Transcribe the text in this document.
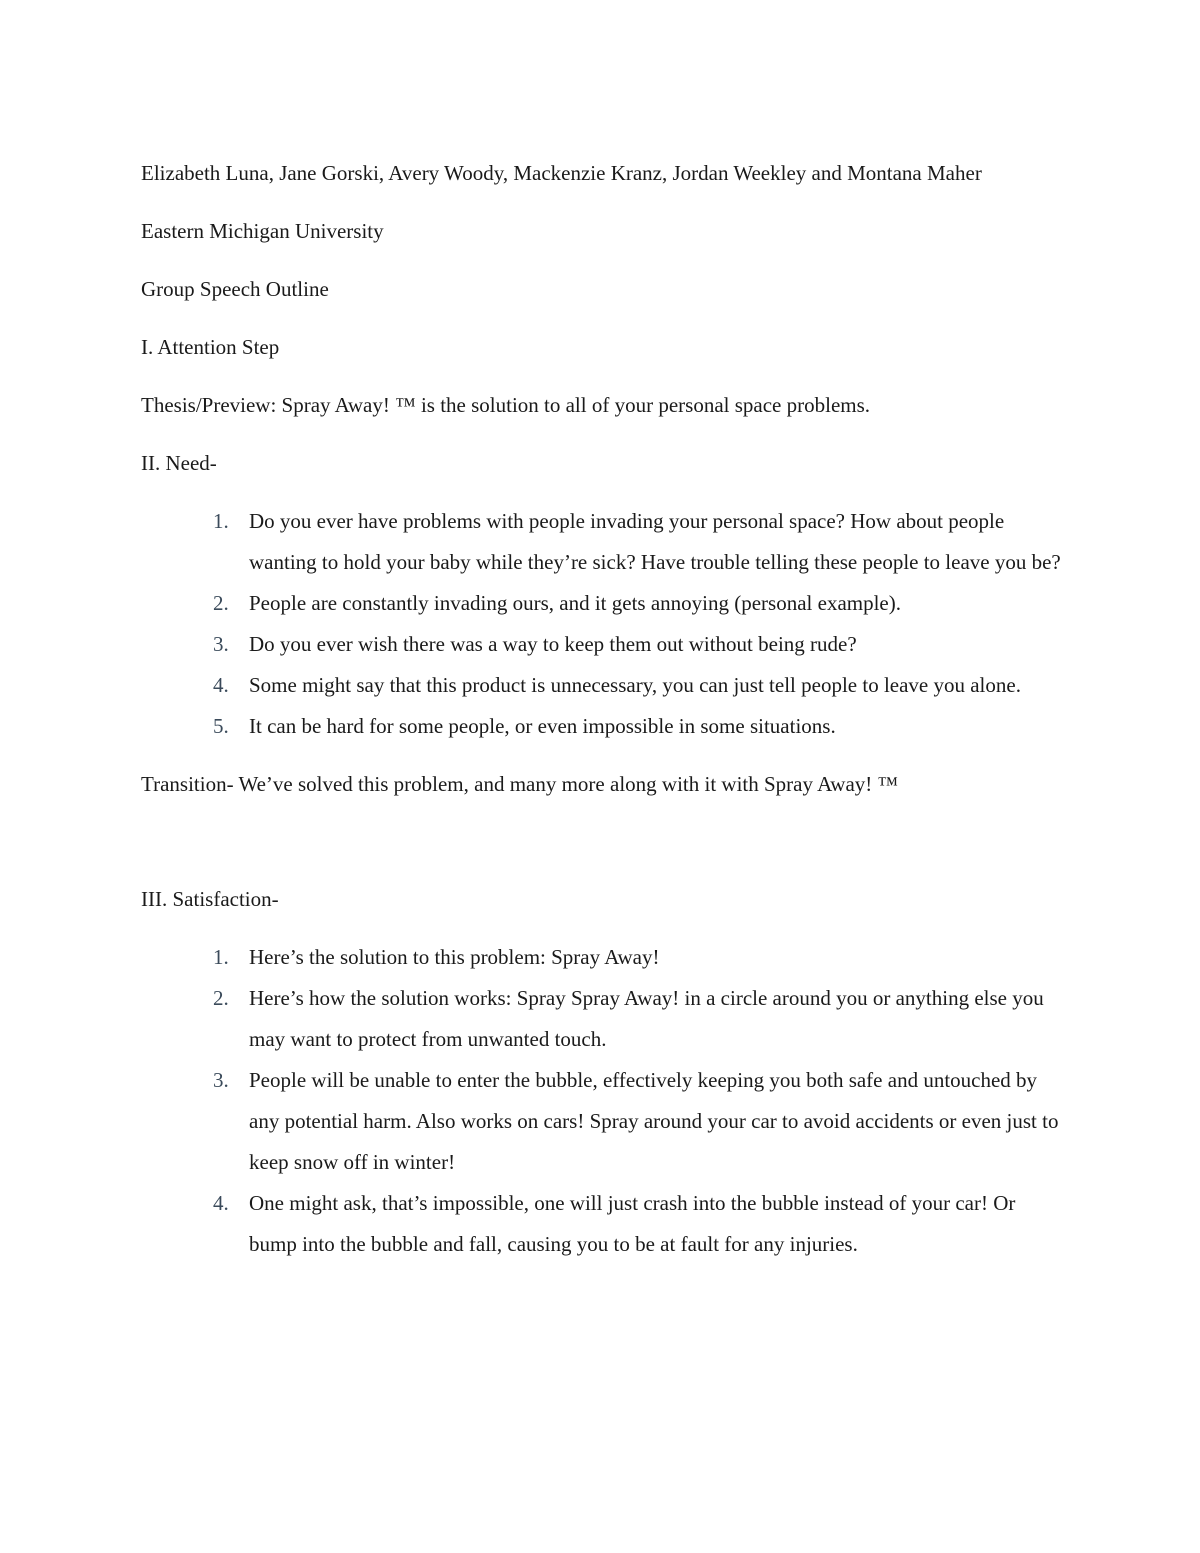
Elizabeth Luna, Jane Gorski, Avery Woody, Mackenzie Kranz, Jordan Weekley and Montana Maher

Eastern Michigan University

Group Speech Outline

I. Attention Step

Thesis/Preview: Spray Away! ™ is the solution to all of your personal space problems.

II. Need-

1. Do you ever have problems with people invading your personal space? How about people wanting to hold your baby while they’re sick? Have trouble telling these people to leave you be?
2. People are constantly invading ours, and it gets annoying (personal example).
3. Do you ever wish there was a way to keep them out without being rude?
4. Some might say that this product is unnecessary, you can just tell people to leave you alone.
5. It can be hard for some people, or even impossible in some situations.

Transition- We’ve solved this problem, and many more along with it with Spray Away! ™

III. Satisfaction-

1. Here’s the solution to this problem: Spray Away!
2. Here’s how the solution works: Spray Spray Away! in a circle around you or anything else you may want to protect from unwanted touch.
3. People will be unable to enter the bubble, effectively keeping you both safe and untouched by any potential harm. Also works on cars! Spray around your car to avoid accidents or even just to keep snow off in winter!
4. One might ask, that’s impossible, one will just crash into the bubble instead of your car! Or bump into the bubble and fall, causing you to be at fault for any injuries.
